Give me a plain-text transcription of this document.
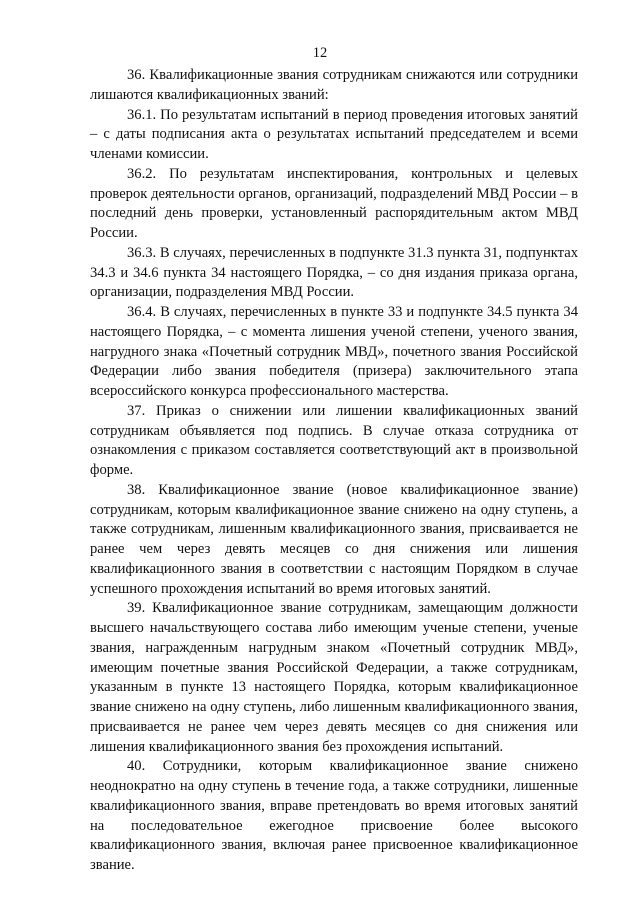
12

36. Квалификационные звания сотрудникам снижаются или сотрудники лишаются квалификационных званий:

36.1. По результатам испытаний в период проведения итоговых занятий – с даты подписания акта о результатах испытаний председателем и всеми членами комиссии.

36.2. По результатам инспектирования, контрольных и целевых проверок деятельности органов, организаций, подразделений МВД России – в последний день проверки, установленный распорядительным актом МВД России.

36.3. В случаях, перечисленных в подпункте 31.3 пункта 31, подпунктах 34.3 и 34.6 пункта 34 настоящего Порядка, – со дня издания приказа органа, организации, подразделения МВД России.

36.4. В случаях, перечисленных в пункте 33 и подпункте 34.5 пункта 34 настоящего Порядка, – с момента лишения ученой степени, ученого звания, нагрудного знака «Почетный сотрудник МВД», почетного звания Российской Федерации либо звания победителя (призера) заключительного этапа всероссийского конкурса профессионального мастерства.

37. Приказ о снижении или лишении квалификационных званий сотрудникам объявляется под подпись. В случае отказа сотрудника от ознакомления с приказом составляется соответствующий акт в произвольной форме.

38. Квалификационное звание (новое квалификационное звание) сотрудникам, которым квалификационное звание снижено на одну ступень, а также сотрудникам, лишенным квалификационного звания, присваивается не ранее чем через девять месяцев со дня снижения или лишения квалификационного звания в соответствии с настоящим Порядком в случае успешного прохождения испытаний во время итоговых занятий.

39. Квалификационное звание сотрудникам, замещающим должности высшего начальствующего состава либо имеющим ученые степени, ученые звания, награжденным нагрудным знаком «Почетный сотрудник МВД», имеющим почетные звания Российской Федерации, а также сотрудникам, указанным в пункте 13 настоящего Порядка, которым квалификационное звание снижено на одну ступень, либо лишенным квалификационного звания, присваивается не ранее чем через девять месяцев со дня снижения или лишения квалификационного звания без прохождения испытаний.

40. Сотрудники, которым квалификационное звание снижено неоднократно на одну ступень в течение года, а также сотрудники, лишенные квалификационного звания, вправе претендовать во время итоговых занятий на последовательное ежегодное присвоение более высокого квалификационного звания, включая ранее присвоенное квалификационное звание.
